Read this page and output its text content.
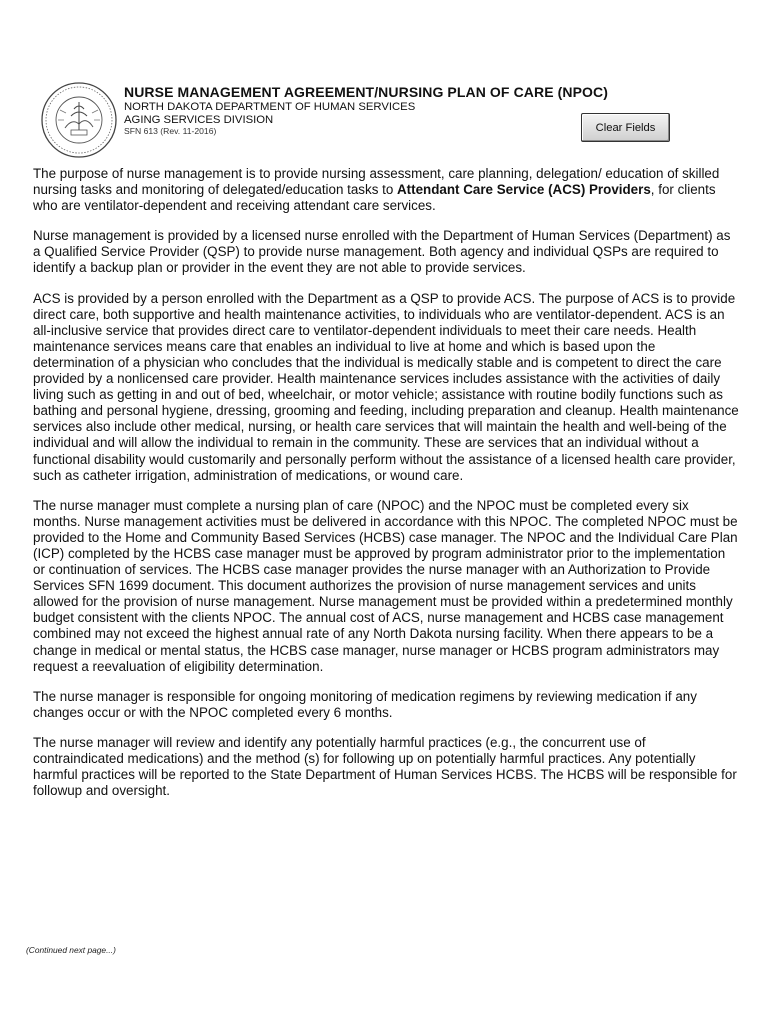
NURSE MANAGEMENT AGREEMENT/NURSING PLAN OF CARE (NPOC)

NORTH DAKOTA DEPARTMENT OF HUMAN SERVICES

AGING SERVICES DIVISION

SFN 613 (Rev. 11-2016)	Clear Fields

The purpose of nurse management is to provide nursing assessment, care planning, delegation/ education of skilled nursing tasks and monitoring of delegated/education tasks to Attendant Care Service (ACS) Providers, for clients who are ventilator-dependent and receiving attendant care services.

Nurse management is provided by a licensed nurse enrolled with the Department of Human Services (Department) as a Qualified Service Provider (QSP) to provide nurse management. Both agency and individual QSPs are required to identify a backup plan or provider in the event they are not able to provide services.

ACS is provided by a person enrolled with the Department as a QSP to provide ACS. The purpose of ACS is to provide direct care, both supportive and health maintenance activities, to individuals who are ventilator-dependent. ACS is an all-inclusive service that provides direct care to ventilator-dependent individuals to meet their care needs. Health maintenance services means care that enables an individual to live at home and which is based upon the determination of a physician who concludes that the individual is medically stable and is competent to direct the care provided by a nonlicensed care provider. Health maintenance services includes assistance with the activities of daily living such as getting in and out of bed, wheelchair, or motor vehicle; assistance with routine bodily functions such as bathing and personal hygiene, dressing, grooming and feeding, including preparation and cleanup. Health maintenance services also include other medical, nursing, or health care services that will maintain the health and well-being of the individual and will allow the individual to remain in the community. These are services that an individual without a functional disability would customarily and personally perform without the assistance of a licensed health care provider, such as catheter irrigation, administration of medications, or wound care.

The nurse manager must complete a nursing plan of care (NPOC) and the NPOC must be completed every six months. Nurse management activities must be delivered in accordance with this NPOC. The completed NPOC must be provided to the Home and Community Based Services (HCBS) case manager. The NPOC and the Individual Care Plan (ICP) completed by the HCBS case manager must be approved by program administrator prior to the implementation or continuation of services. The HCBS case manager provides the nurse manager with an Authorization to Provide Services SFN 1699 document. This document authorizes the provision of nurse management services and units allowed for the provision of nurse management. Nurse management must be provided within a predetermined monthly budget consistent with the clients NPOC. The annual cost of ACS, nurse management and HCBS case management combined may not exceed the highest annual rate of any North Dakota nursing facility. When there appears to be a change in medical or mental status, the HCBS case manager, nurse manager or HCBS program administrators may request a reevaluation of eligibility determination.

The nurse manager is responsible for ongoing monitoring of medication regimens by reviewing medication if any changes occur or with the NPOC completed every 6 months.

The nurse manager will review and identify any potentially harmful practices (e.g., the concurrent use of contraindicated medications) and the method (s) for following up on potentially harmful practices. Any potentially harmful practices will be reported to the State Department of Human Services HCBS. The HCBS will be responsible for followup and oversight.

(Continued next page...)
